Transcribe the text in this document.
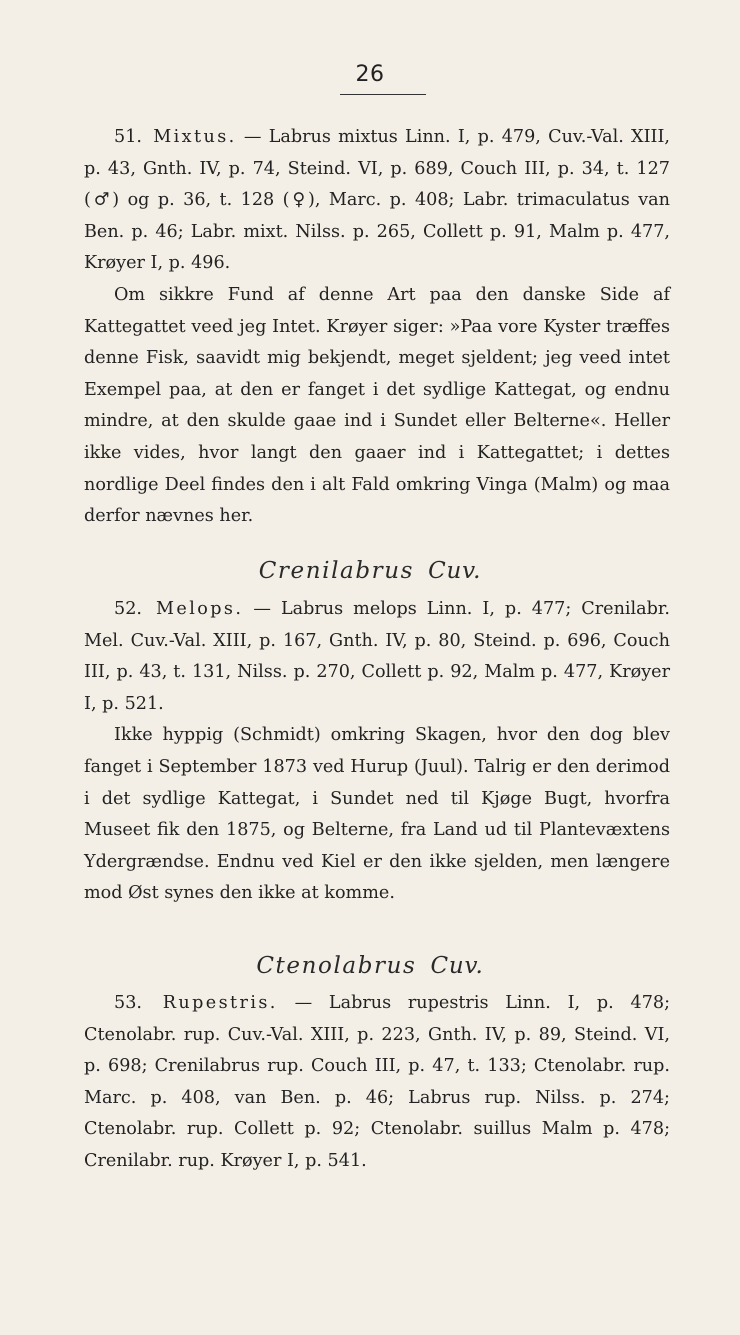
26

51. Mixtus. — Labrus mixtus Linn. I, p. 479, Cuv.-Val. XIII, p. 43, Gnth. IV, p. 74, Steind. VI, p. 689, Couch III, p. 34, t. 127 (♂) og p. 36, t. 128 (♀), Marc. p. 408; Labr. trimaculatus van Ben. p. 46; Labr. mixt. Nilss. p. 265, Collett p. 91, Malm p. 477, Krøyer I, p. 496.

Om sikkre Fund af denne Art paa den danske Side af Kattegattet veed jeg Intet. Krøyer siger: »Paa vore Kyster træffes denne Fisk, saavidt mig bekjendt, meget sjeldent; jeg veed intet Exempel paa, at den er fanget i det sydlige Kattegat, og endnu mindre, at den skulde gaae ind i Sundet eller Belterne«. Heller ikke vides, hvor langt den gaaer ind i Kattegattet; i dettes nordlige Deel findes den i alt Fald omkring Vinga (Malm) og maa derfor nævnes her.

Crenilabrus Cuv.

52. Melops. — Labrus melops Linn. I, p. 477; Crenilabr. Mel. Cuv.-Val. XIII, p. 167, Gnth. IV, p. 80, Steind. p. 696, Couch III, p. 43, t. 131, Nilss. p. 270, Collett p. 92, Malm p. 477, Krøyer I, p. 521.

Ikke hyppig (Schmidt) omkring Skagen, hvor den dog blev fanget i September 1873 ved Hurup (Juul). Talrig er den derimod i det sydlige Kattegat, i Sundet ned til Kjøge Bugt, hvorfra Museet fik den 1875, og Belterne, fra Land ud til Plantevæxtens Ydergrændse. Endnu ved Kiel er den ikke sjelden, men længere mod Øst synes den ikke at komme.

Ctenolabrus Cuv.

53. Rupestris. — Labrus rupestris Linn. I, p. 478; Ctenolabr. rup. Cuv.-Val. XIII, p. 223, Gnth. IV, p. 89, Steind. VI, p. 698; Crenilabrus rup. Couch III, p. 47, t. 133; Ctenolabr. rup. Marc. p. 408, van Ben. p. 46; Labrus rup. Nilss. p. 274; Ctenolabr. rup. Collett p. 92; Ctenolabr. suillus Malm p. 478; Crenilabr. rup. Krøyer I, p. 541.
